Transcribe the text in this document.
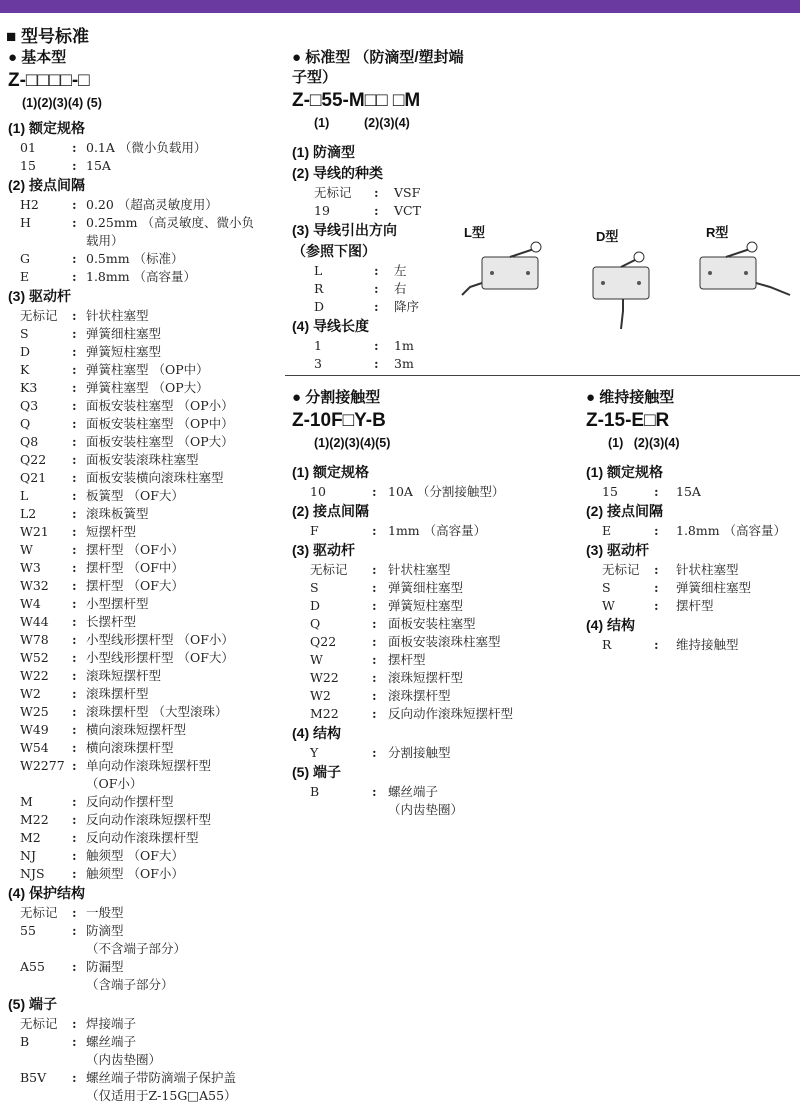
■ 型号标准
● 基本型
Z-□□□□-□
(1)(2)(3)(4) (5)
(1) 额定规格
01	: 0.1A （微小负载用）
15	: 15A
(2) 接点间隔
H2	: 0.20 （超高灵敏度用）
H	: 0.25mm （高灵敏度、微小负
载用）
G	: 0.5mm （标准）
E	: 1.8mm （高容量）
(3) 驱动杆
无标记 : 针状柱塞型
S	: 弹簧细柱塞型
D	: 弹簧短柱塞型
K	: 弹簧柱塞型 （OP中）
K3	: 弹簧柱塞型 （OP大）
Q3	: 面板安装柱塞型 （OP小）
Q	: 面板安装柱塞型 （OP中）
Q8	: 面板安装柱塞型 （OP大）
Q22 : 面板安装滚珠柱塞型
Q21 : 面板安装横向滚珠柱塞型
L	: 板簧型 （OF大）
L2	: 滚珠板簧型
W21 : 短摆杆型
W	: 摆杆型 （OF小）
W3 : 摆杆型 （OF中）
W32 : 摆杆型 （OF大）
W4 : 小型摆杆型
W44 : 长摆杆型
W78 : 小型线形摆杆型 （OF小）
W52 : 小型线形摆杆型 （OF大）
W22 : 滚珠短摆杆型
W2 : 滚珠摆杆型
W25 : 滚珠摆杆型 （大型滚珠）
W49 : 横向滚珠短摆杆型
W54 : 横向滚珠摆杆型
W2277 : 单向动作滚珠短摆杆型
（OF小）
M	: 反向动作摆杆型
M22 : 反向动作滚珠短摆杆型
M2 : 反向动作滚珠摆杆型
NJ	: 触须型 （OF大）
NJS : 触须型 （OF小）
(4) 保护结构
无标记 : 一般型
55	: 防滴型
（不含端子部分）
A55 : 防漏型
（含端子部分）
(5) 端子
无标记 : 焊接端子
B	: 螺丝端子
（内齿垫圈）
B5V : 螺丝端子带防滴端子保护盖
（仅适用于Z-15G□A55）
● 标准型 （防滴型/塑封端子型）
Z-□55-M□□ □M
(1)          (2)(3)(4)
(1) 防滴型
(2) 导线的种类
无标记 : VSF
19	: VCT
(3) 导线引出方向
（参照下图）
L	: 左
R	: 右
D	: 降序
(4) 导线长度
1	: 1m
3	: 3m
L型	D型	R型
● 分割接触型
Z-10F□Y-B
(1)(2)(3)(4)(5)
(1) 额定规格
10	: 10A （分割接触型）
(2) 接点间隔
F	: 1mm （高容量）
(3) 驱动杆
无标记 : 针状柱塞型
S	: 弹簧细柱塞型
D	: 弹簧短柱塞型
Q	: 面板安装柱塞型
Q22	: 面板安装滚珠柱塞型
W	: 摆杆型
W22	: 滚珠短摆杆型
W2	: 滚珠摆杆型
M22	: 反向动作滚珠短摆杆型
(4) 结构
Y	: 分割接触型
(5) 端子
B	: 螺丝端子
（内齿垫圈）
● 维持接触型
Z-15-E□R
(1)   (2)(3)(4)
(1) 额定规格
15	: 15A
(2) 接点间隔
E	: 1.8mm （高容量）
(3) 驱动杆
无标记 : 针状柱塞型
S	: 弹簧细柱塞型
W	: 摆杆型
(4) 结构
R	: 维持接触型
